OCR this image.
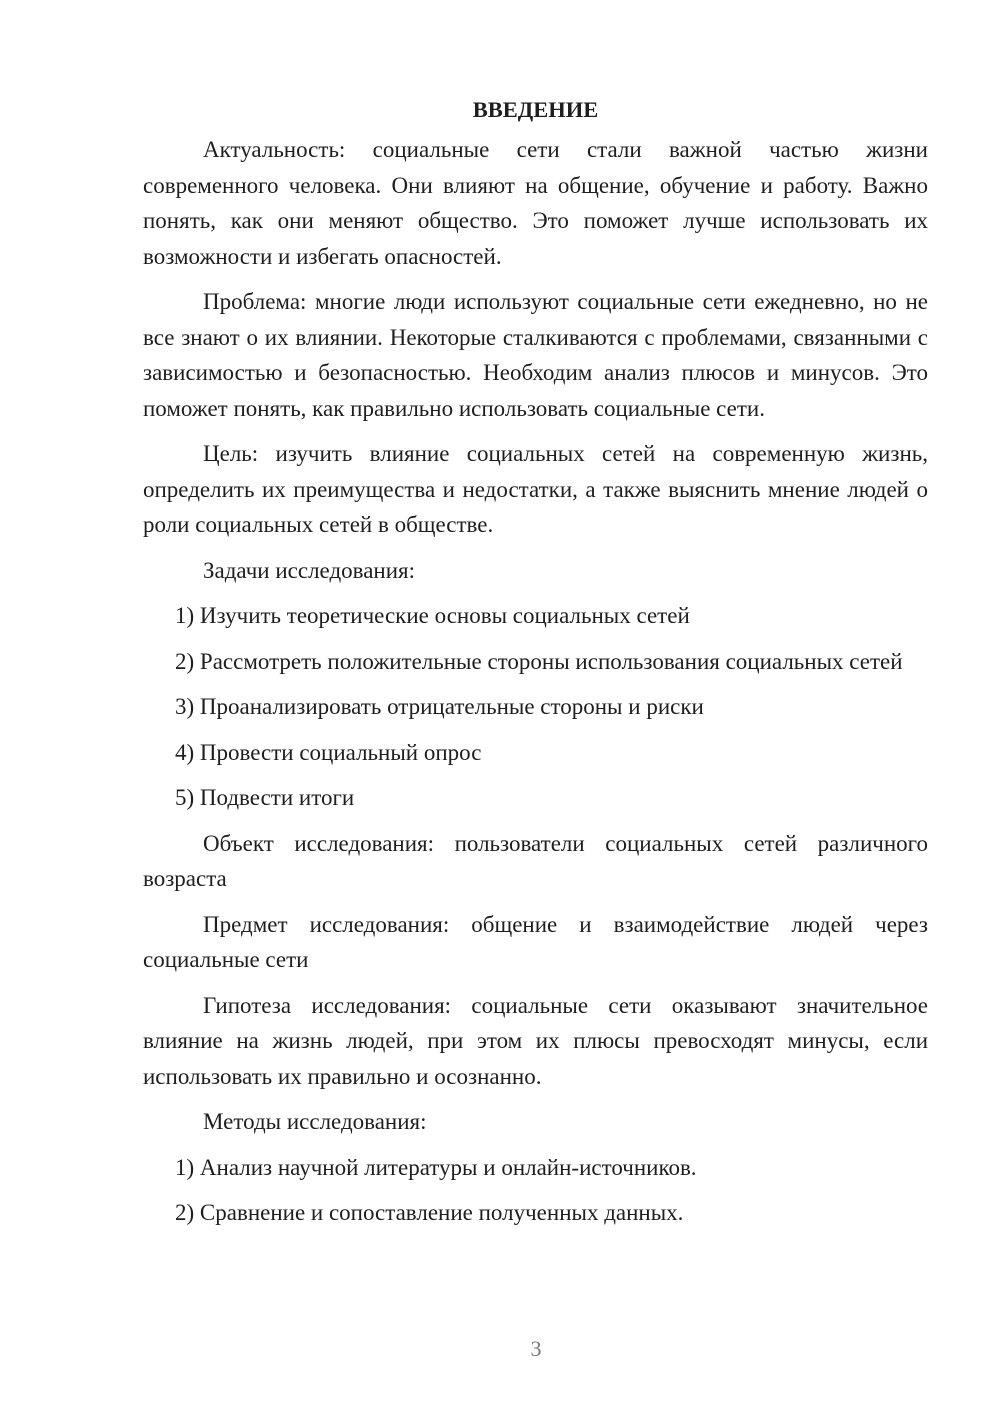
ВВЕДЕНИЕ

Актуальность: социальные сети стали важной частью жизни современного человека. Они влияют на общение, обучение и работу. Важно понять, как они меняют общество. Это поможет лучше использовать их возможности и избегать опасностей.

Проблема: многие люди используют социальные сети ежедневно, но не все знают о их влиянии. Некоторые сталкиваются с проблемами, связанными с зависимостью и безопасностью. Необходим анализ плюсов и минусов. Это поможет понять, как правильно использовать социальные сети.

Цель: изучить влияние социальных сетей на современную жизнь, определить их преимущества и недостатки, а также выяснить мнение людей о роли социальных сетей в обществе.

Задачи исследования:

1) Изучить теоретические основы социальных сетей

2) Рассмотреть положительные стороны использования социальных сетей

3) Проанализировать отрицательные стороны и риски

4) Провести социальный опрос

5) Подвести итоги

Объект исследования: пользователи социальных сетей различного возраста

Предмет исследования: общение и взаимодействие людей через социальные сети

Гипотеза исследования: социальные сети оказывают значительное влияние на жизнь людей, при этом их плюсы превосходят минусы, если использовать их правильно и осознанно.

Методы исследования:

1) Анализ научной литературы и онлайн-источников.

2) Сравнение и сопоставление полученных данных.

3
